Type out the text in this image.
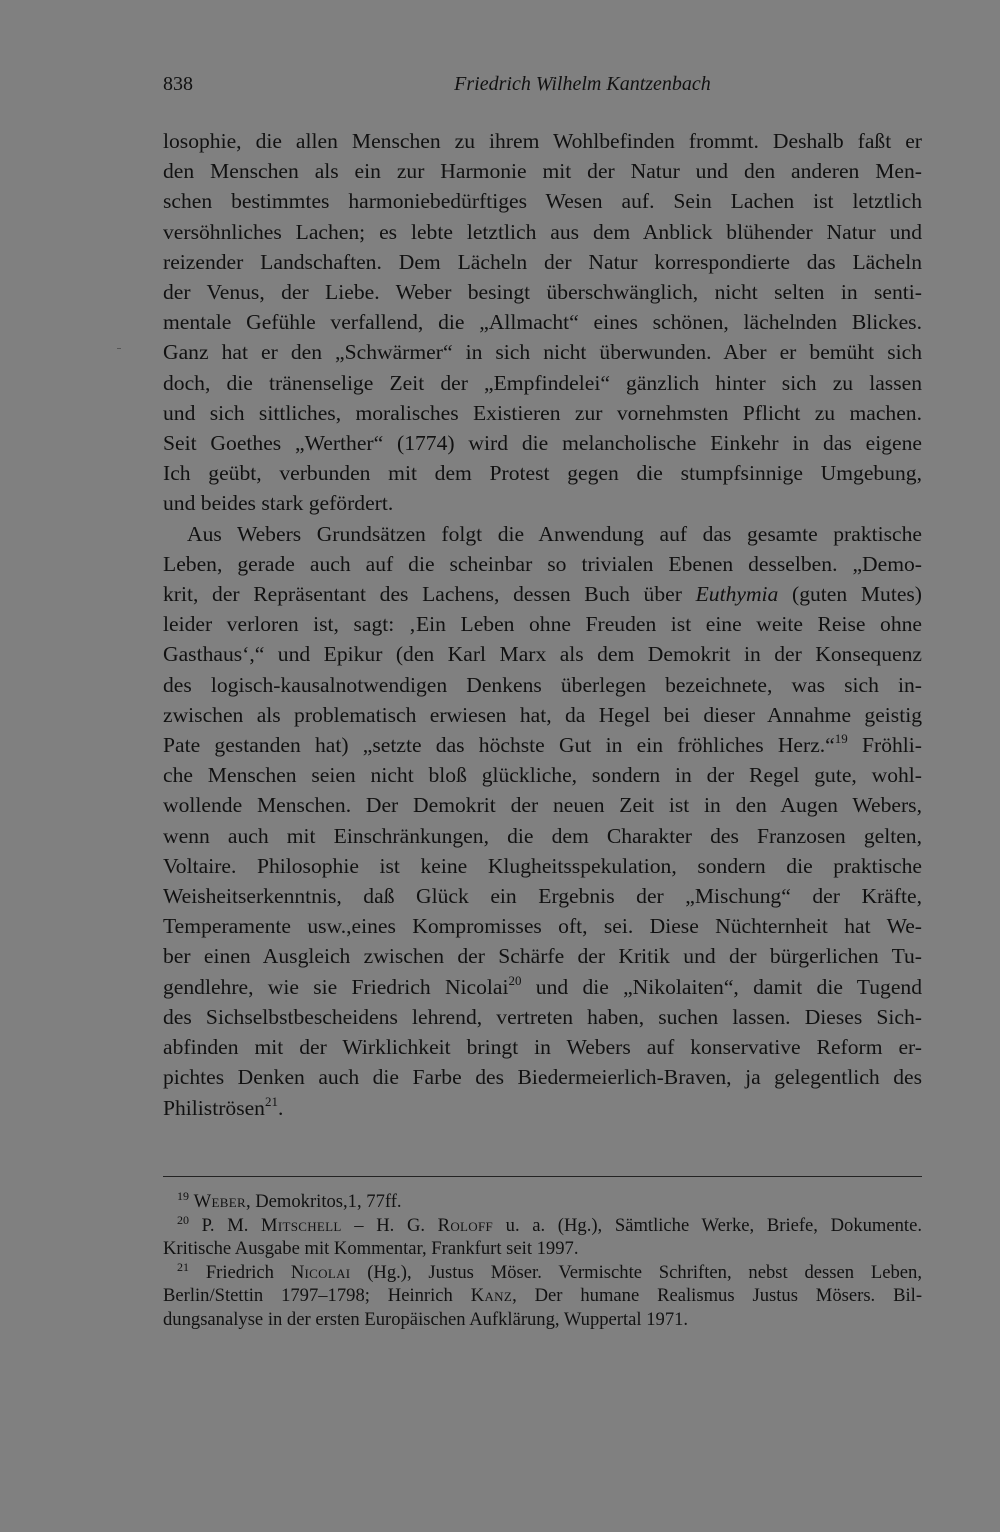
838	Friedrich Wilhelm Kantzenbach

losophie, die allen Menschen zu ihrem Wohlbefinden frommt. Deshalb faßt er
den Menschen als ein zur Harmonie mit der Natur und den anderen Men-
schen bestimmtes harmoniebedürftiges Wesen auf. Sein Lachen ist letztlich
versöhnliches Lachen; es lebte letztlich aus dem Anblick blühender Natur und
reizender Landschaften. Dem Lächeln der Natur korrespondierte das Lächeln
der Venus, der Liebe. Weber besingt überschwänglich, nicht selten in senti-
mentale Gefühle verfallend, die „Allmacht“ eines schönen, lächelnden Blickes.
Ganz hat er den „Schwärmer“ in sich nicht überwunden. Aber er bemüht sich
doch, die tränenselige Zeit der „Empfindelei“ gänzlich hinter sich zu lassen
und sich sittliches, moralisches Existieren zur vornehmsten Pflicht zu machen.
Seit Goethes „Werther“ (1774) wird die melancholische Einkehr in das eigene
Ich geübt, verbunden mit dem Protest gegen die stumpfsinnige Umgebung,
und beides stark gefördert.

Aus Webers Grundsätzen folgt die Anwendung auf das gesamte praktische
Leben, gerade auch auf die scheinbar so trivialen Ebenen desselben. „Demo-
krit, der Repräsentant des Lachens, dessen Buch über Euthymia (guten Mutes)
leider verloren ist, sagt: ‚Ein Leben ohne Freuden ist eine weite Reise ohne
Gasthaus‘,“ und Epikur (den Karl Marx als dem Demokrit in der Konsequenz
des logisch-kausalnotwendigen Denkens überlegen bezeichnete, was sich in-
zwischen als problematisch erwiesen hat, da Hegel bei dieser Annahme geistig
Pate gestanden hat) „setzte das höchste Gut in ein fröhliches Herz.“$^{19}$ Fröhli-
che Menschen seien nicht bloß glückliche, sondern in der Regel gute, wohl-
wollende Menschen. Der Demokrit der neuen Zeit ist in den Augen Webers,
wenn auch mit Einschränkungen, die dem Charakter des Franzosen gelten,
Voltaire. Philosophie ist keine Klugheitsspekulation, sondern die praktische
Weisheitserkenntnis, daß Glück ein Ergebnis der „Mischung“ der Kräfte,
Temperamente usw.,eines Kompromisses oft, sei. Diese Nüchternheit hat We-
ber einen Ausgleich zwischen der Schärfe der Kritik und der bürgerlichen Tu-
gendlehre, wie sie Friedrich Nicolai$^{20}$ und die „Nikolaiten“, damit die Tugend
des Sichselbstbescheidens lehrend, vertreten haben, suchen lassen. Dieses Sich-
abfinden mit der Wirklichkeit bringt in Webers auf konservative Reform er-
pichtes Denken auch die Farbe des Biedermeierlich-Braven, ja gelegentlich des
Philiströsen$^{21}$.

$^{19}$ Weber, Demokritos,1, 77ff.
$^{20}$ P. M. Mitschell – H. G. Roloff u. a. (Hg.), Sämtliche Werke, Briefe, Dokumente.
Kritische Ausgabe mit Kommentar, Frankfurt seit 1997.
$^{21}$ Friedrich Nicolai (Hg.), Justus Möser. Vermischte Schriften, nebst dessen Leben,
Berlin/Stettin 1797–1798; Heinrich Kanz, Der humane Realismus Justus Mösers. Bil-
dungsanalyse in der ersten Europäischen Aufklärung, Wuppertal 1971.
